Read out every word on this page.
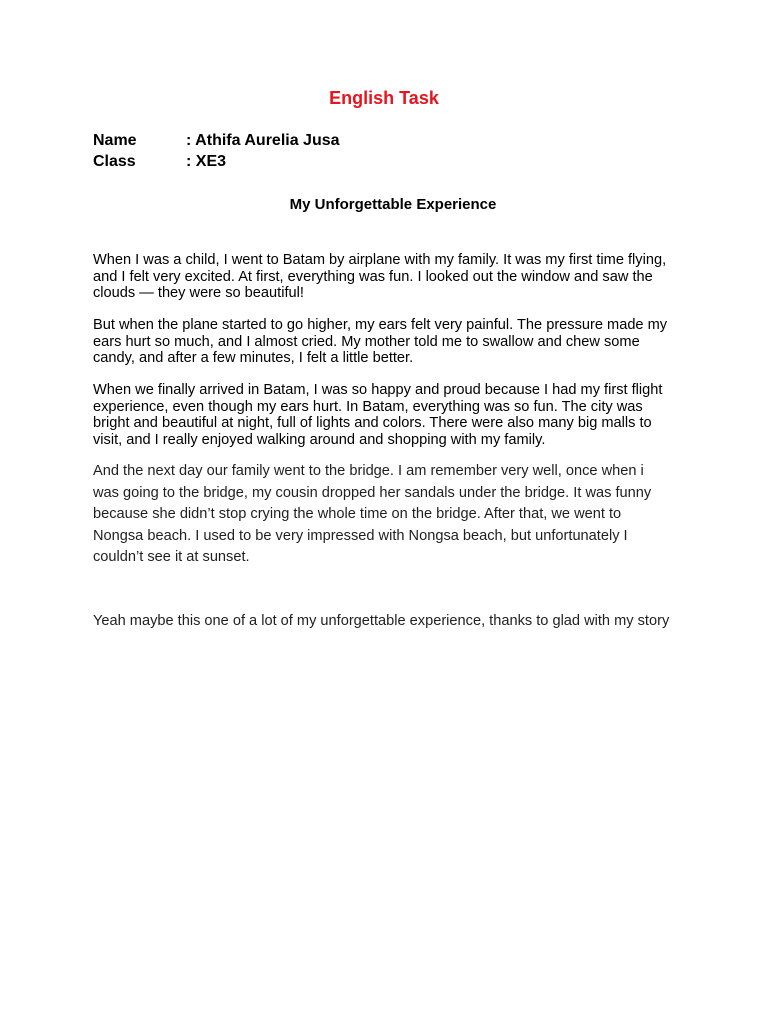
English Task
Name	: Athifa Aurelia Jusa
Class	: XE3
My Unforgettable Experience

When I was a child, I went to Batam by airplane with my family. It was my first time flying, and I felt very excited. At first, everything was fun. I looked out the window and saw the clouds — they were so beautiful!

But when the plane started to go higher, my ears felt very painful. The pressure made my ears hurt so much, and I almost cried. My mother told me to swallow and chew some candy, and after a few minutes, I felt a little better.

When we finally arrived in Batam, I was so happy and proud because I had my first flight experience, even though my ears hurt. In Batam, everything was so fun. The city was bright and beautiful at night, full of lights and colors. There were also many big malls to visit, and I really enjoyed walking around and shopping with my family.

And the next day our family went to the bridge. I am remember very well, once when i was going to the bridge, my cousin dropped her sandals under the bridge. It was funny because she didn’t stop crying the whole time on the bridge. After that, we went to Nongsa beach. I used to be very impressed with Nongsa beach, but unfortunately I couldn’t see it at sunset.

Yeah maybe this one of a lot of my unforgettable experience, thanks to glad with my story
